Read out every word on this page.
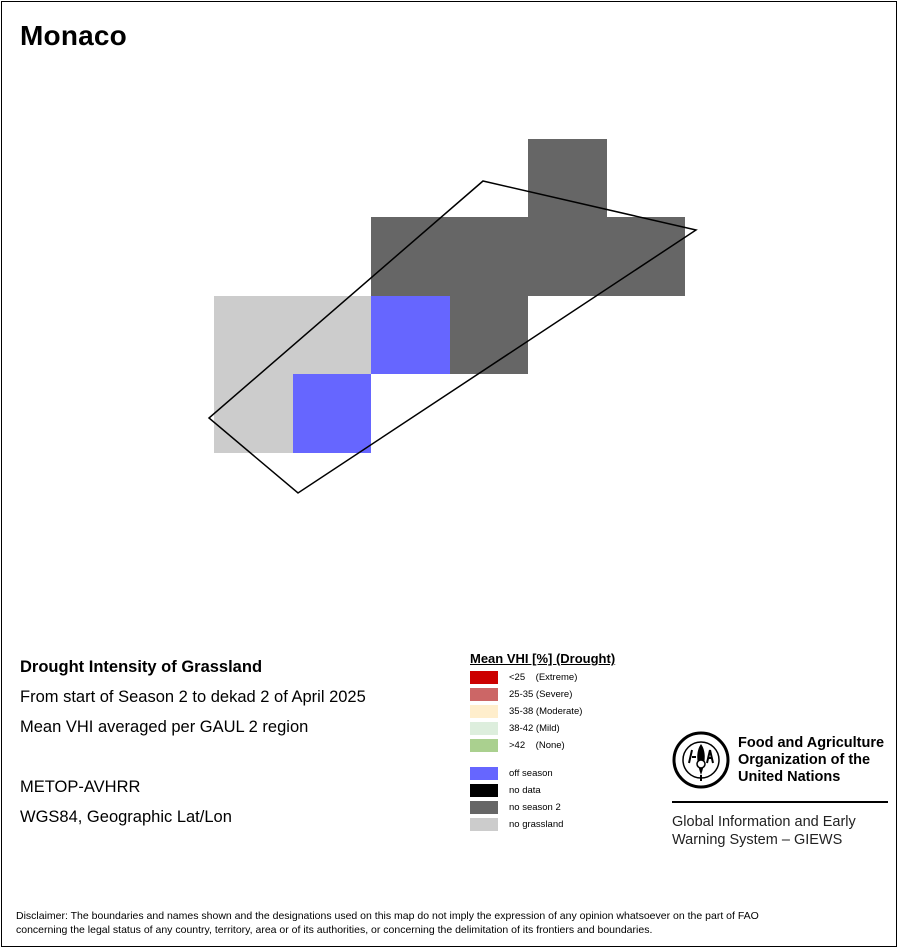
Monaco
Drought Intensity of Grassland
From start of Season 2 to dekad 2 of April 2025
Mean VHI averaged per GAUL 2 region
METOP-AVHRR
WGS84, Geographic Lat/Lon
Mean VHI [%] (Drought)
<25    (Extreme)
25-35 (Severe)
35-38 (Moderate)
38-42 (Mild)
>42    (None)
off season
no data
no season 2
no grassland
Food and Agriculture
Organization of the
United Nations
Global Information and Early
Warning System – GIEWS
Disclaimer: The boundaries and names shown and the designations used on this map do not imply the expression of any opinion whatsoever on the part of FAO
concerning the legal status of any country, territory, area or of its authorities, or concerning the delimitation of its frontiers and boundaries.
